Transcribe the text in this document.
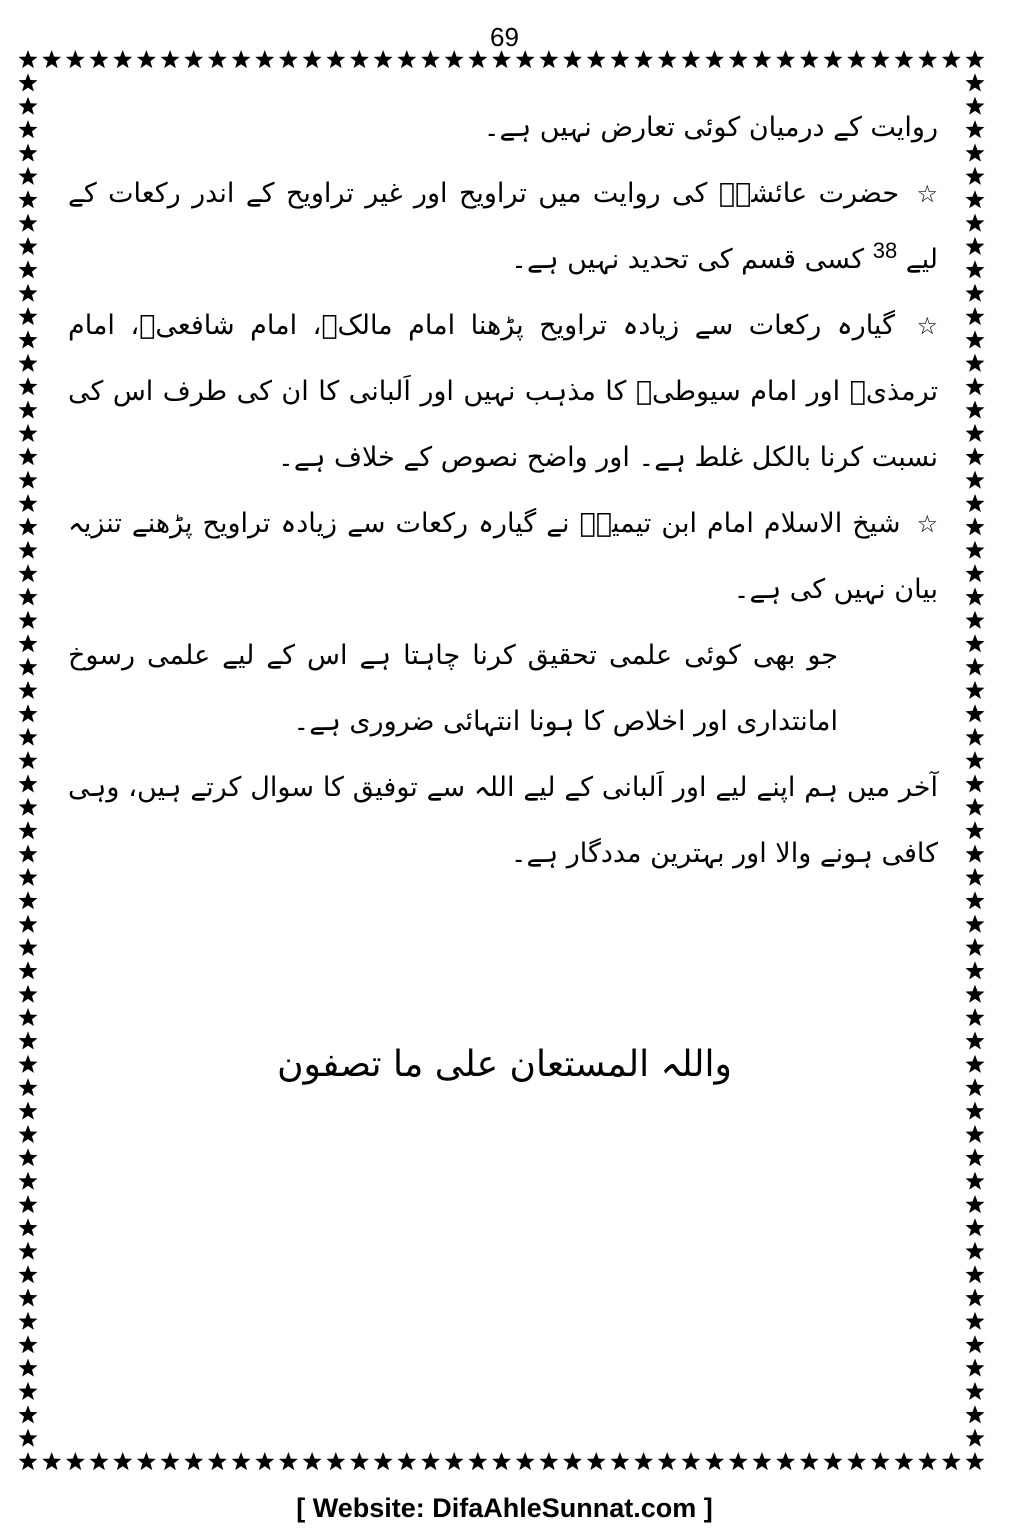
69

روایت کے درمیان کوئی تعارض نہیں ہے۔

☆ حضرت عائشہؓ کی روایت میں تراویح اور غیر تراویح کے اندر رکعات کے لیے 38 کسی قسم کی تحدید نہیں ہے۔

☆ گیارہ رکعات سے زیادہ تراویح پڑھنا امام مالکؒ، امام شافعیؒ، امام ترمذیؒ اور امام سیوطیؒ کا مذہب نہیں اور اَلبانی کا ان کی طرف اس کی نسبت کرنا بالکل غلط ہے۔ اور واضح نصوص کے خلاف ہے۔

☆ شیخ الاسلام امام ابن تیمیہؒ نے گیارہ رکعات سے زیادہ تراویح پڑھنے تنزیہ بیان نہیں کی ہے۔

جو بھی کوئی علمی تحقیق کرنا چاہتا ہے اس کے لیے علمی رسوخ امانتداری اور اخلاص کا ہونا انتہائی ضروری ہے۔

آخر میں ہم اپنے لیے اور اَلبانی کے لیے اللہ سے توفیق کا سوال کرتے ہیں، وہی کافی ہونے والا اور بہترین مددگار ہے۔

واللہ المستعان علی ما تصفون
[ Website: DifaAhleSunnat.com ]
